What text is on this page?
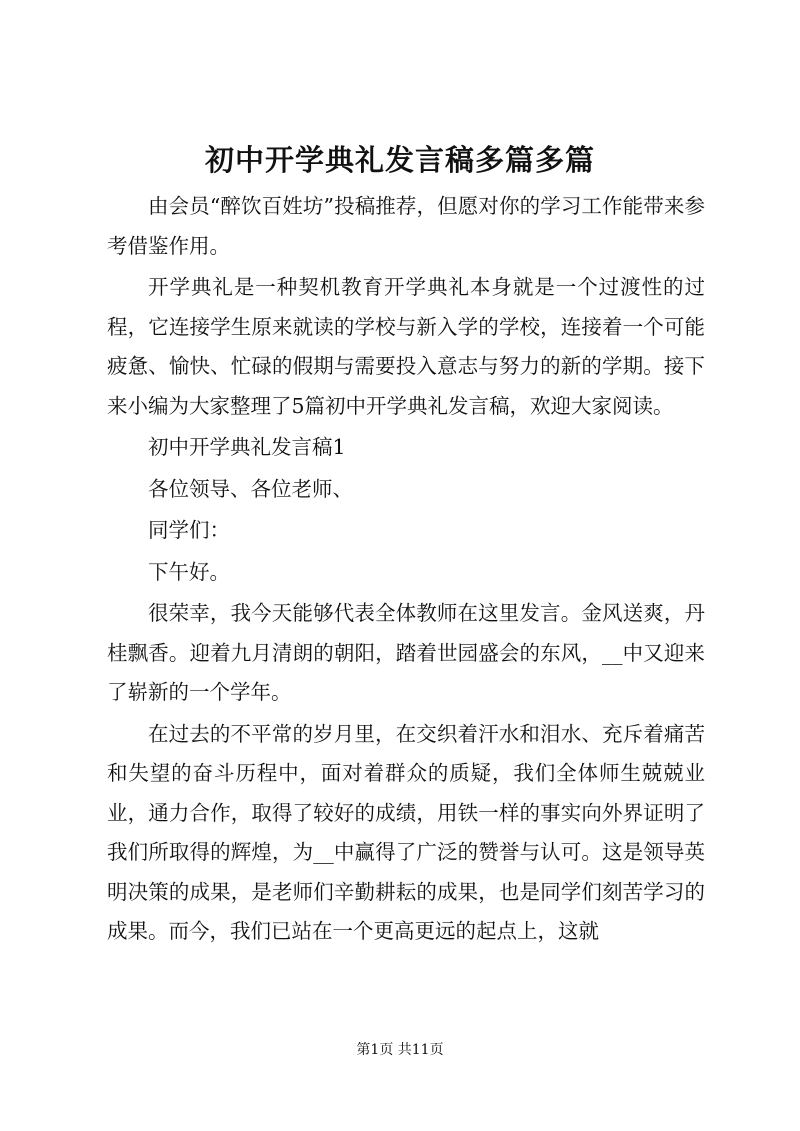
初中开学典礼发言稿多篇多篇

由会员“醉饮百姓坊”投稿推荐，但愿对你的学习工作能带来参考借鉴作用。

开学典礼是一种契机教育开学典礼本身就是一个过渡性的过程，它连接学生原来就读的学校与新入学的学校，连接着一个可能疲惫、愉快、忙碌的假期与需要投入意志与努力的新的学期。接下来小编为大家整理了5篇初中开学典礼发言稿，欢迎大家阅读。

初中开学典礼发言稿1

各位领导、各位老师、

同学们：

下午好。

很荣幸，我今天能够代表全体教师在这里发言。金风送爽，丹桂飘香。迎着九月清朗的朝阳，踏着世园盛会的东风，__中又迎来了崭新的一个学年。

在过去的不平常的岁月里，在交织着汗水和泪水、充斥着痛苦和失望的奋斗历程中，面对着群众的质疑，我们全体师生兢兢业业，通力合作，取得了较好的成绩，用铁一样的事实向外界证明了我们所取得的辉煌，为__中赢得了广泛的赞誉与认可。这是领导英明决策的成果，是老师们辛勤耕耘的成果，也是同学们刻苦学习的成果。而今，我们已站在一个更高更远的起点上，这就

第1页 共11页
